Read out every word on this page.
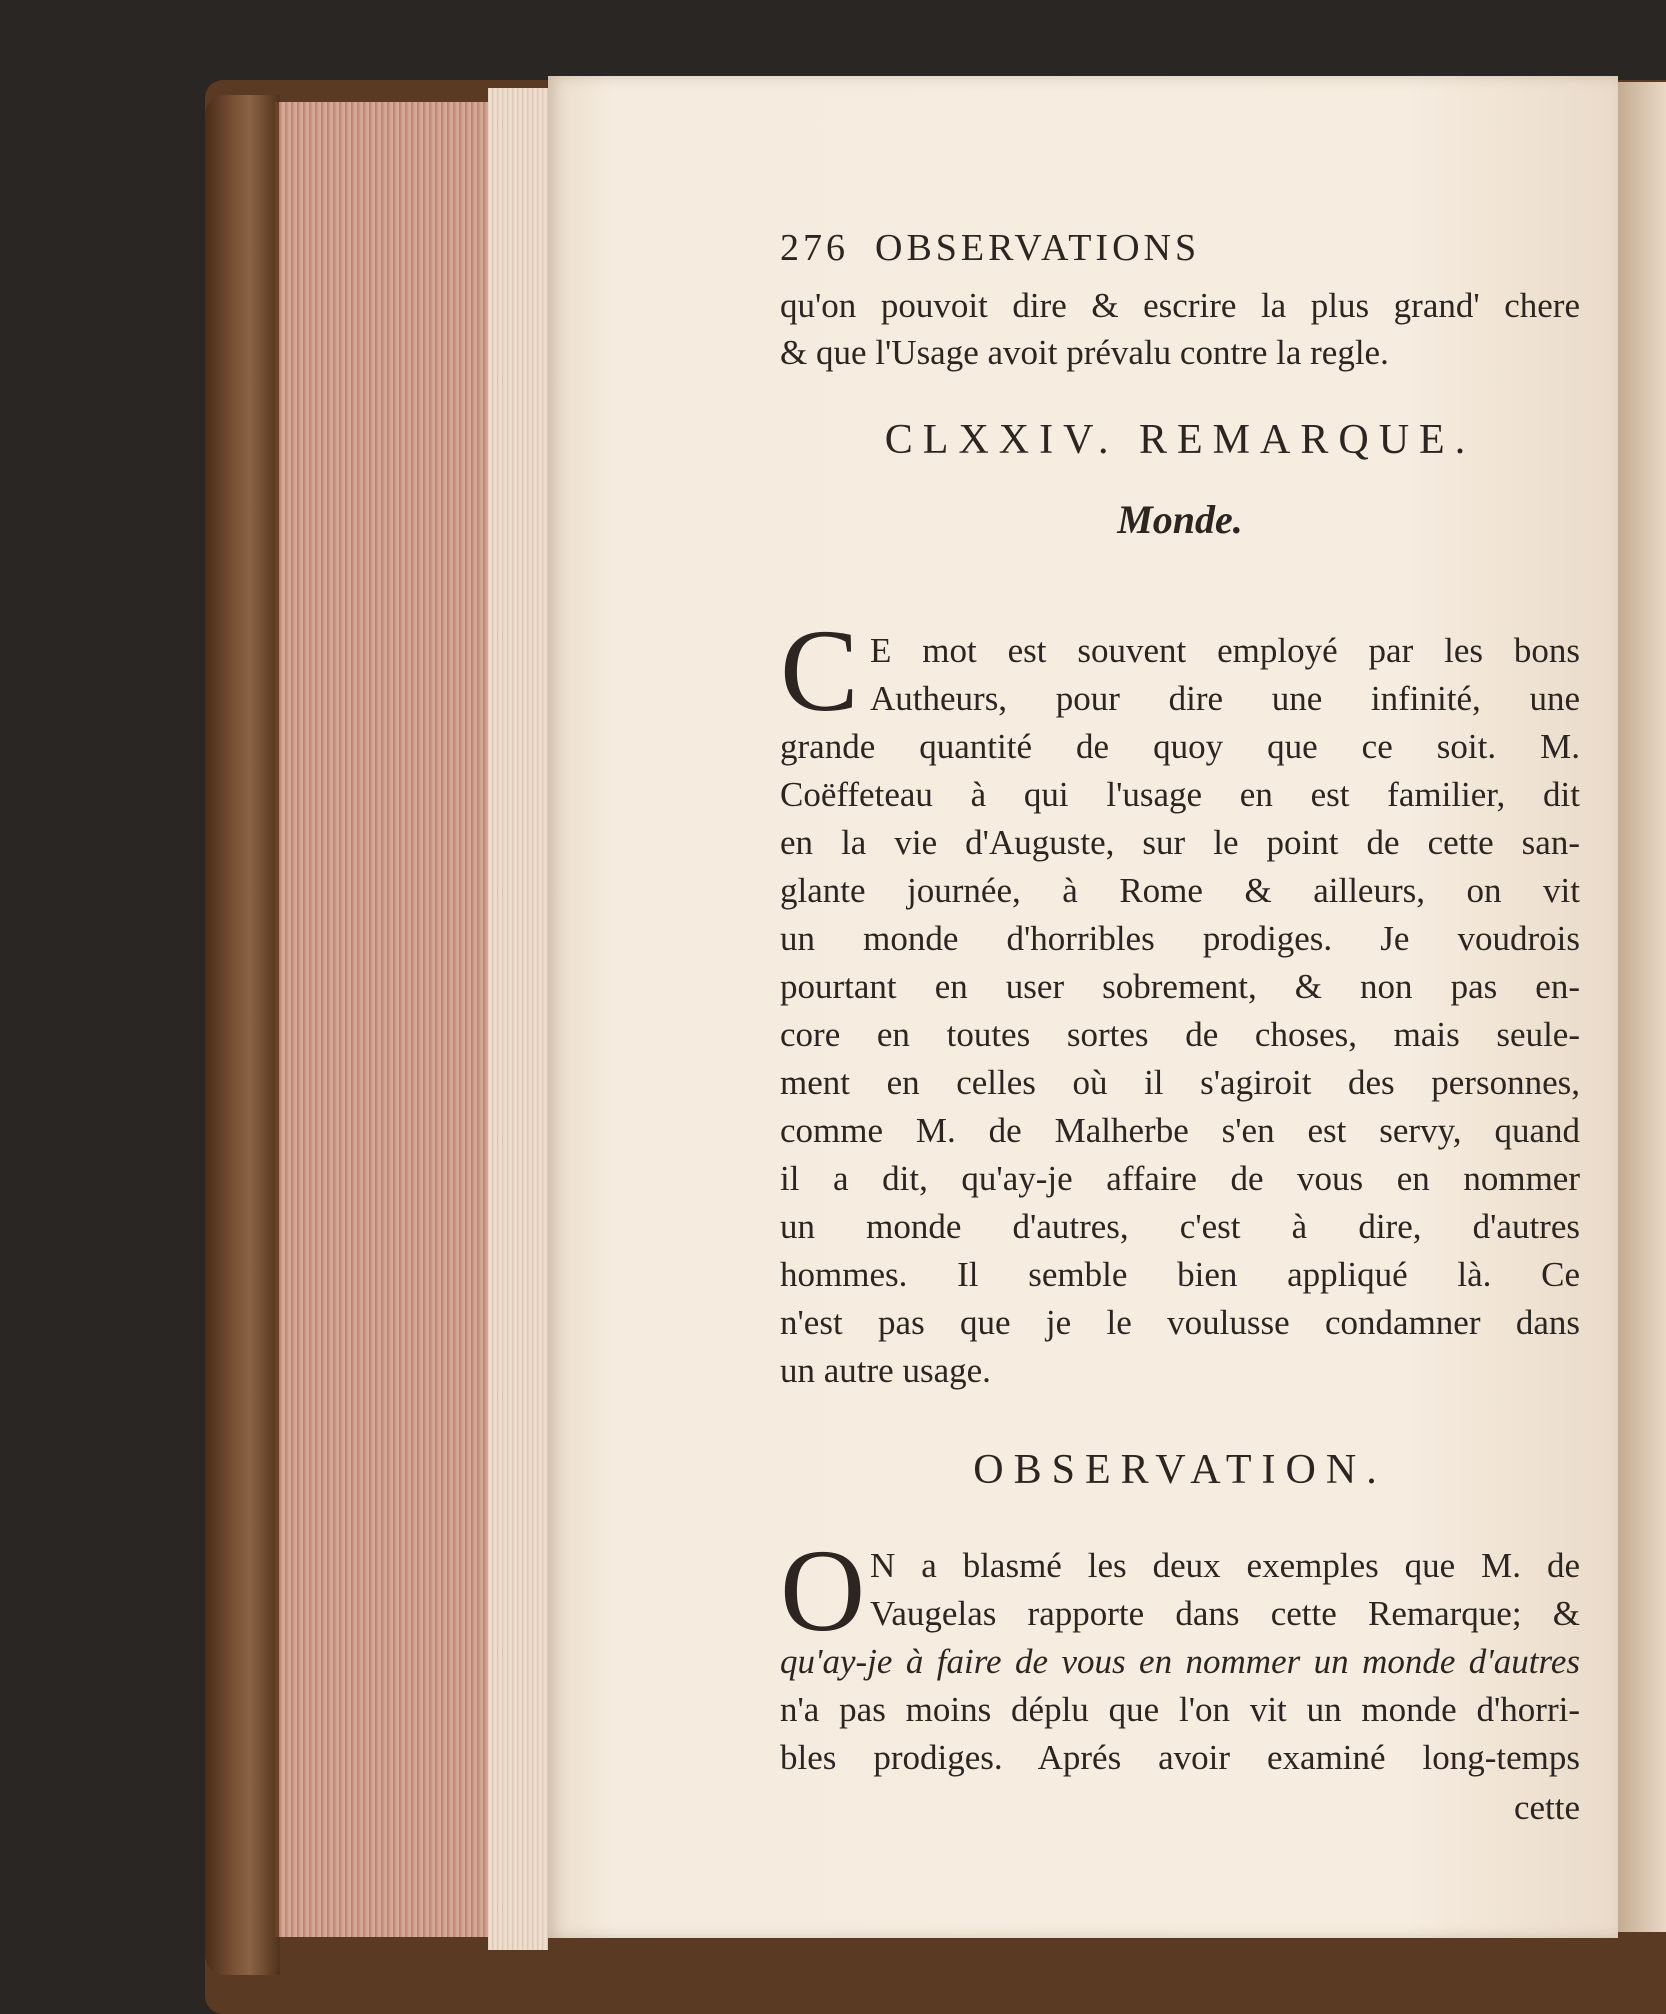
276 OBSERVATIONS
qu'on pouvoit dire & escrire la plus grand' chere
& que l'Usage avoit prévalu contre la regle.
CLXXIV. REMARQUE.
Monde.
C E mot est souvent employé par les bons
Autheurs, pour dire une infinité, une
grande quantité de quoy que ce soit. M.
Coëffeteau à qui l'usage en est familier, dit
en la vie d'Auguste, sur le point de cette san-
glante journée, à Rome & ailleurs, on vit
un monde d'horribles prodiges. Je voudrois
pourtant en user sobrement, & non pas en-
core en toutes sortes de choses, mais seule-
ment en celles où il s'agiroit des personnes,
comme M. de Malherbe s'en est servy, quand
il a dit, qu'ay-je affaire de vous en nommer
un monde d'autres, c'est à dire, d'autres
hommes. Il semble bien appliqué là. Ce
n'est pas que je le voulusse condamner dans
un autre usage.
OBSERVATION.
O N a blasmé les deux exemples que M. de
Vaugelas rapporte dans cette Remarque; &
qu'ay-je à faire de vous en nommer un monde d'autres
n'a pas moins déplu que l'on vit un monde d'horri-
bles prodiges. Aprés avoir examiné long-temps
cette
